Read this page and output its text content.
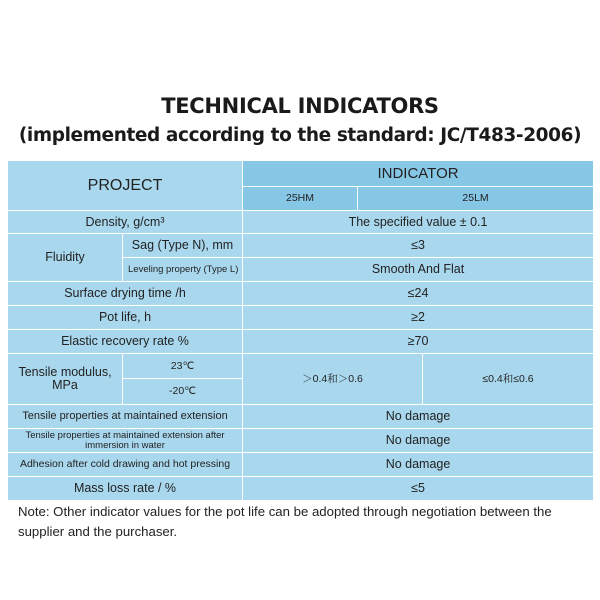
TECHNICAL INDICATORS
(implemented according to the standard: JC/T483-2006)
PROJECT		INDICATOR			
		25HM	25LM	
Density, g/cm³		The specified value ± 0.1			
Fluidity	Sag (Type N), mm	≤3			
	Leveling property (Type L)	Smooth And Flat			
Surface drying time /h		≤24			
Pot life, h		≥2			
Elastic recovery rate %		≥70			
Tensile modulus, MPa	23℃	＞0.4和＞0.6		≤0.4和≤0.6	
	-20℃				
Tensile properties at maintained extension		No damage			
Tensile properties at maintained extension after immersion in water		No damage			
Adhesion after cold drawing and hot pressing		No damage			
Mass loss rate / %		≤5			
Note: Other indicator values for the pot life can be adopted through negotiation between the supplier and the purchaser.
